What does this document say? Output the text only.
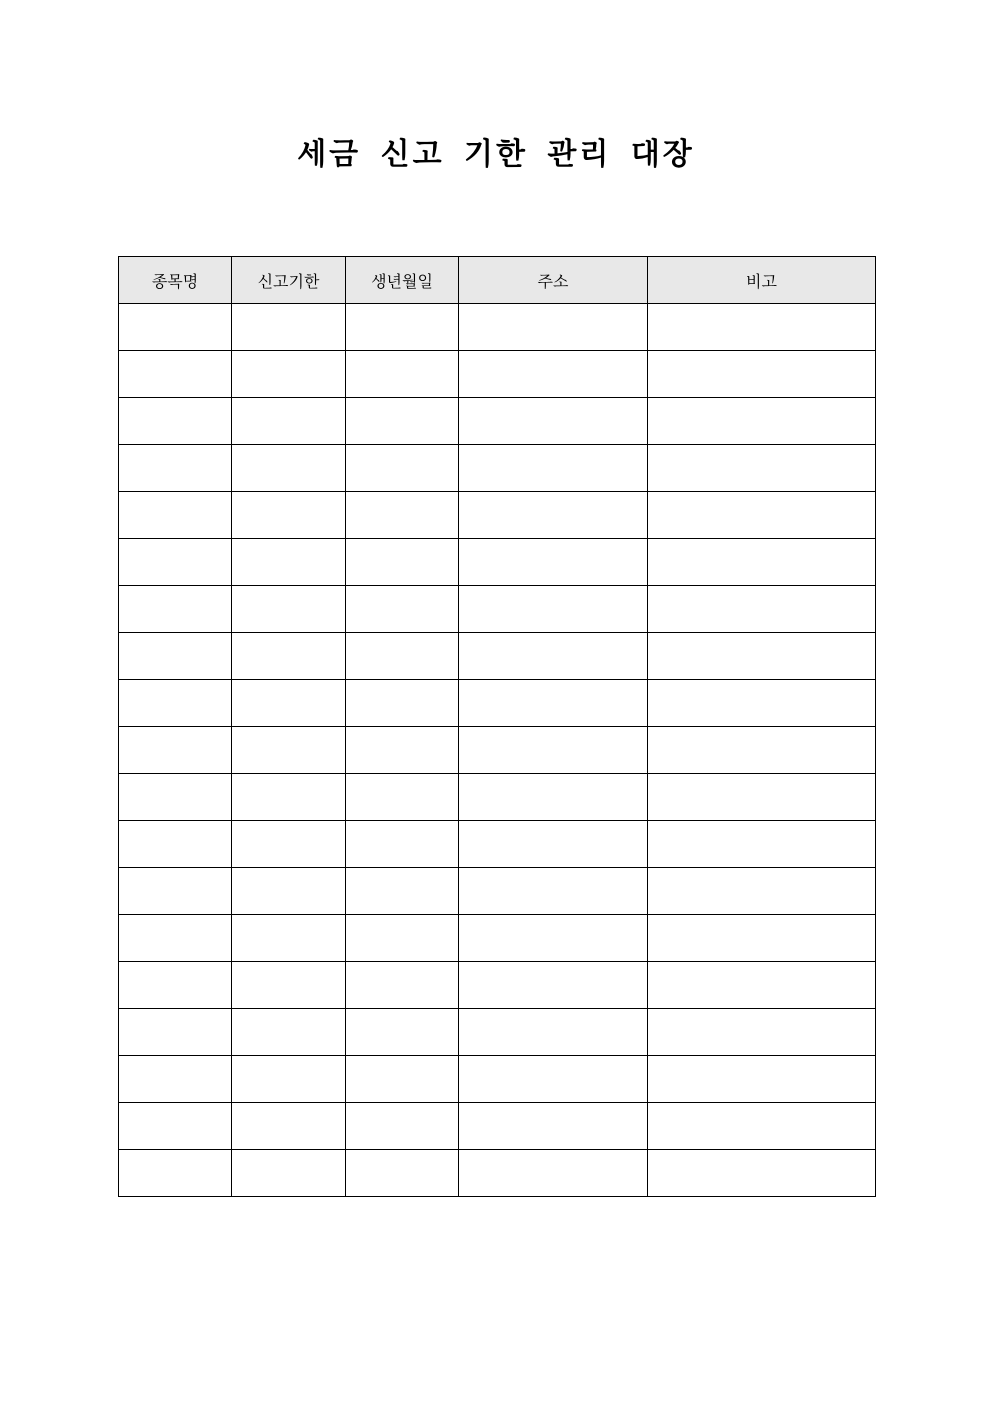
세금 신고 기한 관리 대장
종목명	신고기한	생년월일	주소	비고
